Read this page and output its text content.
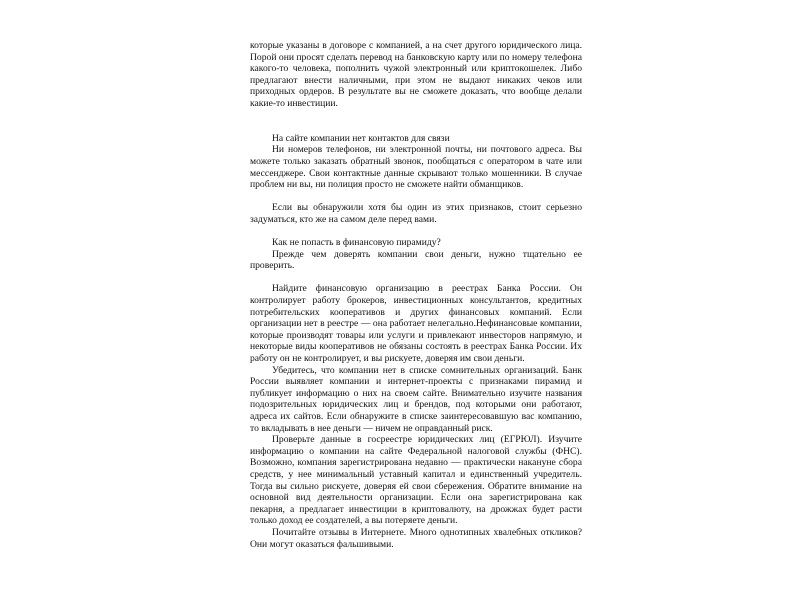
которые указаны в договоре с компанией, а на счет другого юридического лица. Порой они просят сделать перевод на банковскую карту или по номеру телефона какого-то человека, пополнить чужой электронный или криптокошелек. Либо предлагают внести наличными, при этом не выдают никаких чеков или приходных ордеров. В результате вы не сможете доказать, что вообще делали какие-то инвестиции.

На сайте компании нет контактов для связи

Ни номеров телефонов, ни электронной почты, ни почтового адреса. Вы можете только заказать обратный звонок, пообщаться с оператором в чате или мессенджере. Свои контактные данные скрывают только мошенники. В случае проблем ни вы, ни полиция просто не сможете найти обманщиков.

Если вы обнаружили хотя бы один из этих признаков, стоит серьезно задуматься, кто же на самом деле перед вами.

Как не попасть в финансовую пирамиду?

Прежде чем доверять компании свои деньги, нужно тщательно ее проверить.

Найдите финансовую организацию в реестрах Банка России. Он контролирует работу брокеров, инвестиционных консультантов, кредитных потребительских кооперативов и других финансовых компаний. Если организации нет в реестре — она работает нелегально.Нефинансовые компании, которые производят товары или услуги и привлекают инвесторов напрямую, и некоторые виды кооперативов не обязаны состоять в реестрах Банка России. Их работу он не контролирует, и вы рискуете, доверяя им свои деньги.

Убедитесь, что компании нет в списке сомнительных организаций. Банк России выявляет компании и интернет-проекты с признаками пирамид и публикует информацию о них на своем сайте. Внимательно изучите названия подозрительных юридических лиц и брендов, под которыми они работают, адреса их сайтов. Если обнаружите в списке заинтересовавшую вас компанию, то вкладывать в нее деньги — ничем не оправданный риск.

Проверьте данные в госреестре юридических лиц (ЕГРЮЛ). Изучите информацию о компании на сайте Федеральной налоговой службы (ФНС). Возможно, компания зарегистрирована недавно — практически накануне сбора средств, у нее минимальный уставный капитал и единственный учредитель. Тогда вы сильно рискуете, доверяя ей свои сбережения. Обратите внимание на основной вид деятельности организации. Если она зарегистрирована как пекарня, а предлагает инвестиции в криптовалюту, на дрожжах будет расти только доход ее создателей, а вы потеряете деньги.

Почитайте отзывы в Интернете. Много однотипных хвалебных откликов? Они могут оказаться фальшивыми.
